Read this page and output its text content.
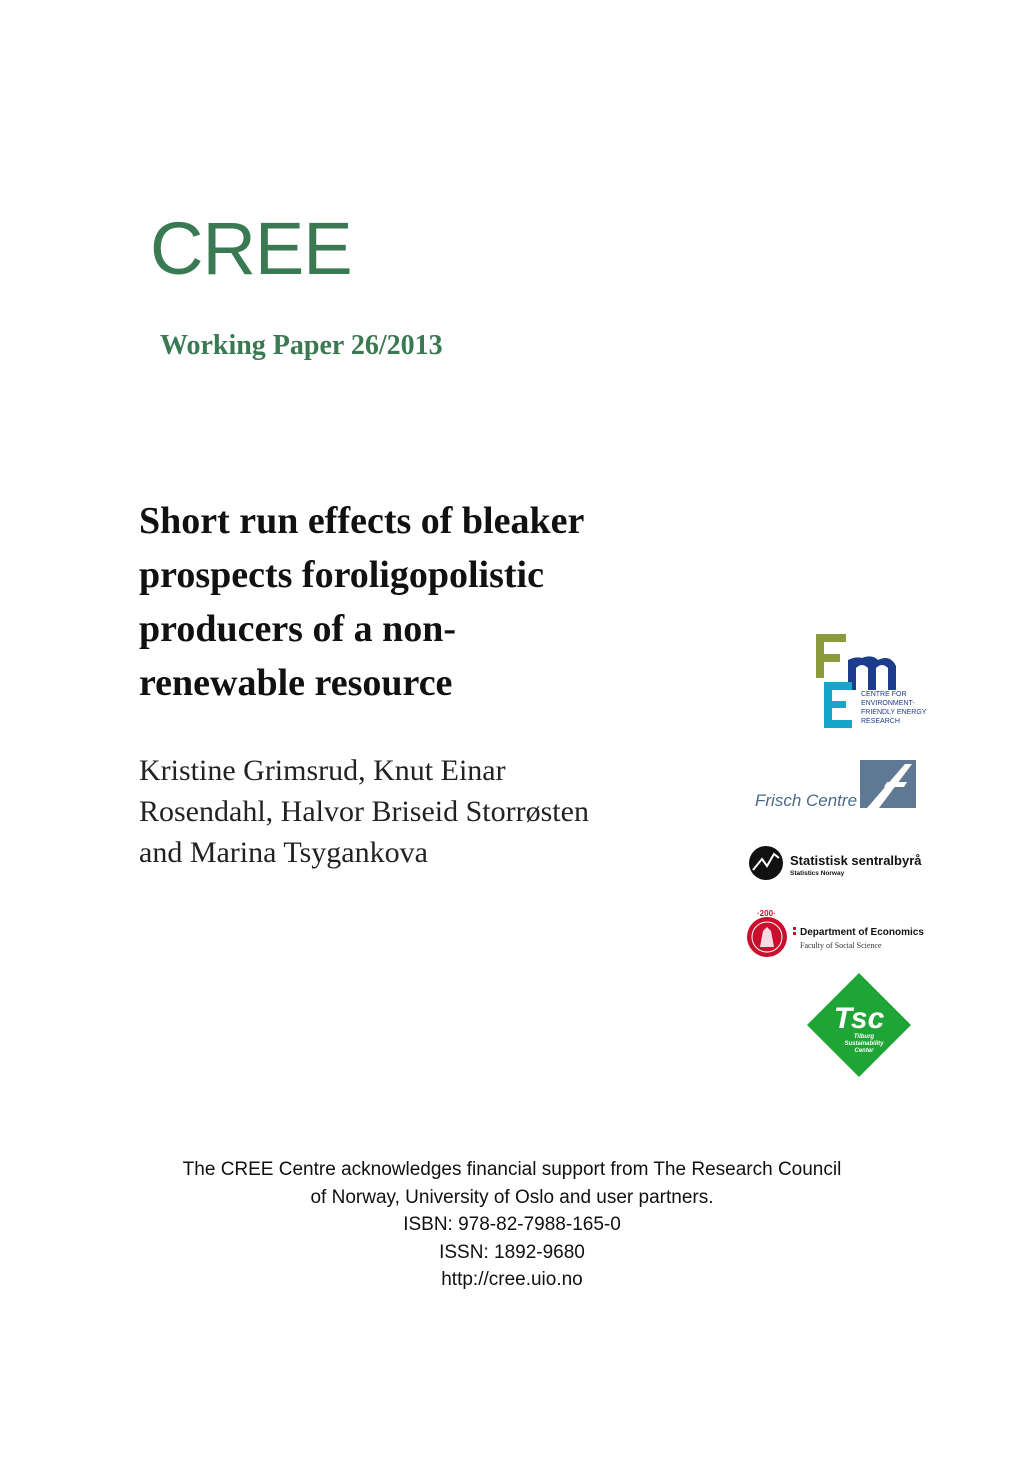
CREE
Working Paper 26/2013
Short run effects of bleaker
prospects foroligopolistic
producers of a non-
renewable resource
Kristine Grimsrud, Knut Einar
Rosendahl, Halvor Briseid Storrøsten
and Marina Tsygankova
CENTRE FOR
ENVIRONMENT-
FRIENDLY ENERGY
RESEARCH
Frisch Centre
Statistisk sentralbyrå
Statistics Norway
·200·
Department of Economics
Faculty of Social Science
Tsc
Tilburg
Sustainability
Center
The CREE Centre acknowledges financial support from The Research Council
of Norway, University of Oslo and user partners.
ISBN: 978-82-7988-165-0
ISSN: 1892-9680
http://cree.uio.no
